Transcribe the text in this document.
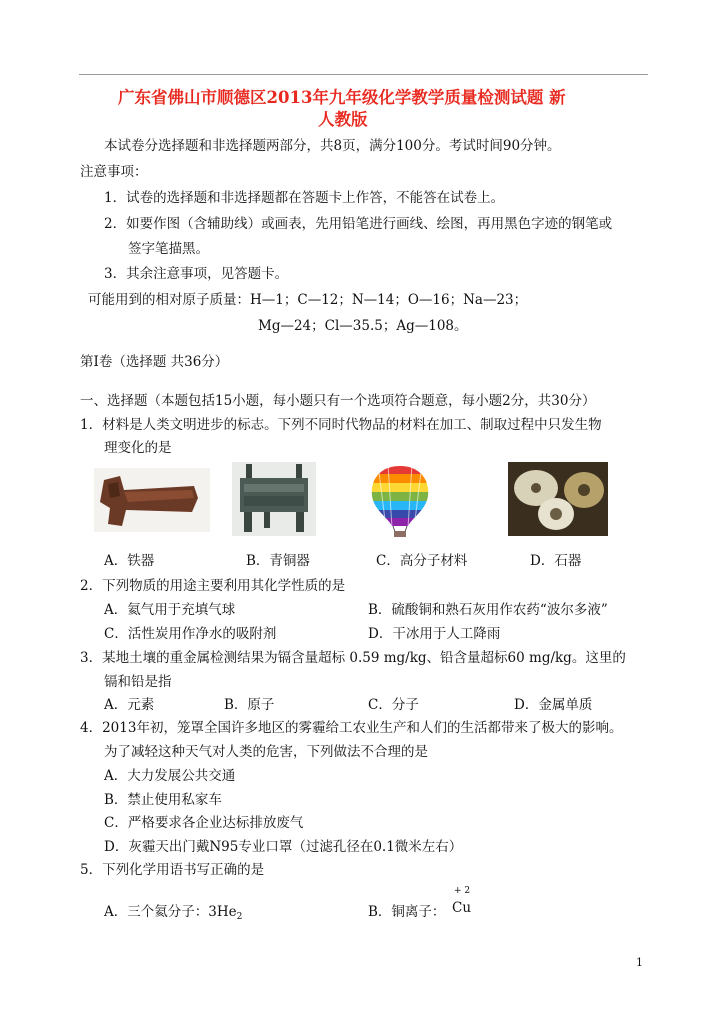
广东省佛山市顺德区2013年九年级化学教学质量检测试题 新
人教版
本试卷分选择题和非选择题两部分，共8页，满分100分。考试时间90分钟。
注意事项：
1．试卷的选择题和非选择题都在答题卡上作答，不能答在试卷上。
2．如要作图（含辅助线）或画表，先用铅笔进行画线、绘图，再用黑色字迹的钢笔或
签字笔描黑。
3．其余注意事项，见答题卡。
可能用到的相对原子质量：H—1；C—12；N—14；O—16；Na—23；
Mg—24；Cl—35.5；Ag—108。
第Ⅰ卷（选择题 共36分）
一、选择题（本题包括15小题，每小题只有一个选项符合题意，每小题2分，共30分）
1．材料是人类文明进步的标志。下列不同时代物品的材料在加工、制取过程中只发生物
理变化的是
A．铁器	B．青铜器	C．高分子材料	D．石器
2．下列物质的用途主要利用其化学性质的是
A．氦气用于充填气球	B．硫酸铜和熟石灰用作农药“波尔多液”
C．活性炭用作净水的吸附剂	D．干冰用于人工降雨
3．某地土壤的重金属检测结果为镉含量超标 0.59 mg/kg、铅含量超标60 mg/kg。这里的
镉和铅是指
A．元素	B．原子	C．分子	D．金属单质
4．2013年初，笼罩全国许多地区的雾霾给工农业生产和人们的生活都带来了极大的影响。
为了减轻这种天气对人类的危害，下列做法不合理的是
A．大力发展公共交通
B．禁止使用私家车
C．严格要求各企业达标排放废气
D．灰霾天出门戴N95专业口罩（过滤孔径在0.1微米左右）
5．下列化学用语书写正确的是
A．三个氦分子：$3He_2$	B．铜离子：
+ 2
Cu
1
